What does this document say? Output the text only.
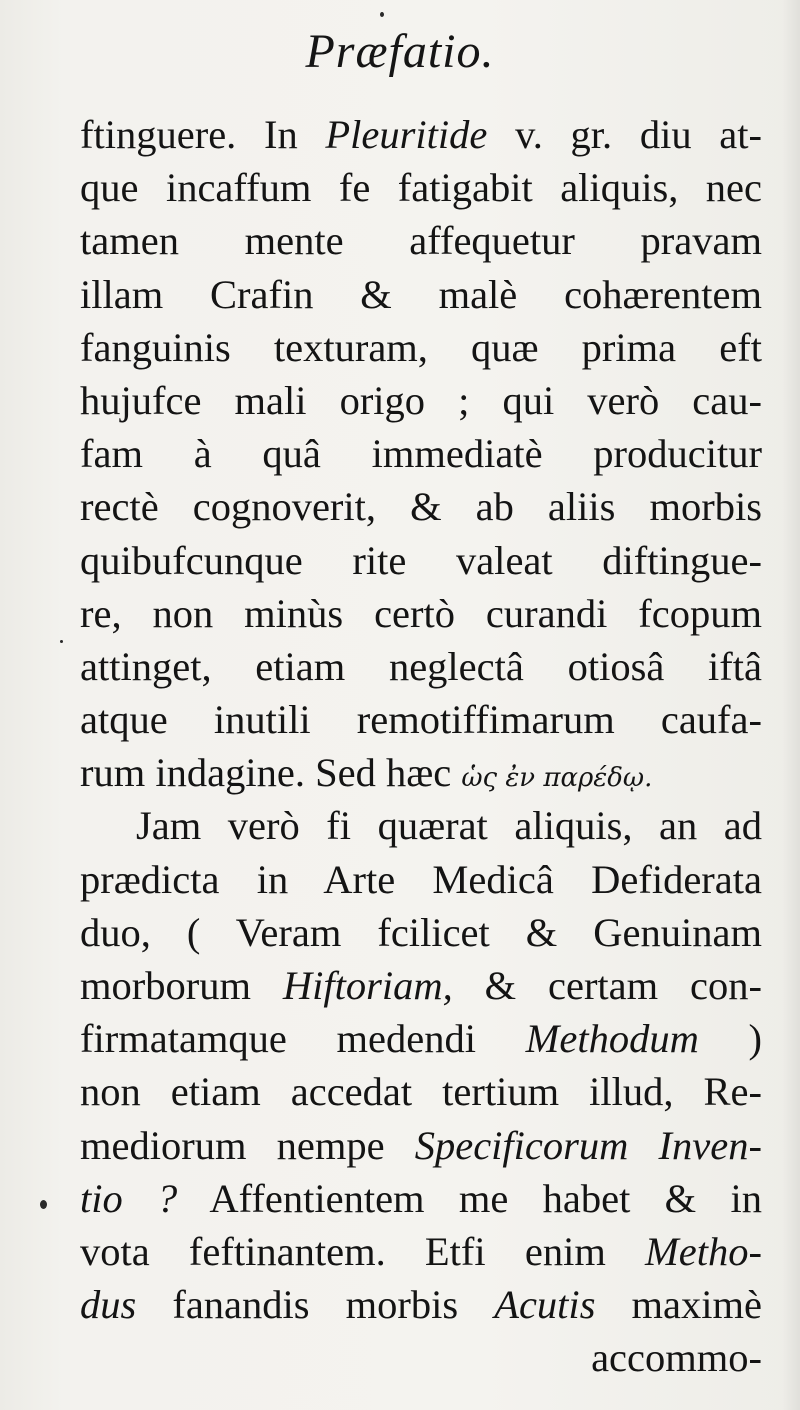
Præfatio.
ftinguere. In Pleuritide v. gr. diu at-
que incaffum fe fatigabit aliquis, nec
tamen mente affequetur pravam
illam Crafin & malè cohærentem
fanguinis texturam, quæ prima eft
hujufce mali origo ; qui verò cau-
fam à quâ immediatè producitur
rectè cognoverit, & ab aliis morbis
quibufcunque rite valeat diftingue-
re, non minùs certò curandi fcopum
attinget, etiam neglectâ otiosâ iftâ
atque inutili remotiffimarum caufa-
rum indagine. Sed hæc ὡς ἐν παρέδῳ.
Jam verò fi quærat aliquis, an ad
prædicta in Arte Medicâ Defiderata
duo, ( Veram fcilicet & Genuinam
morborum Hiftoriam, & certam con-
firmatamque medendi Methodum )
non etiam accedat tertium illud, Re-
mediorum nempe Specificorum Inven-
tio ? Affentientem me habet & in
vota feftinantem. Etfi enim Metho-
dus fanandis morbis Acutis maximè
accommo-
